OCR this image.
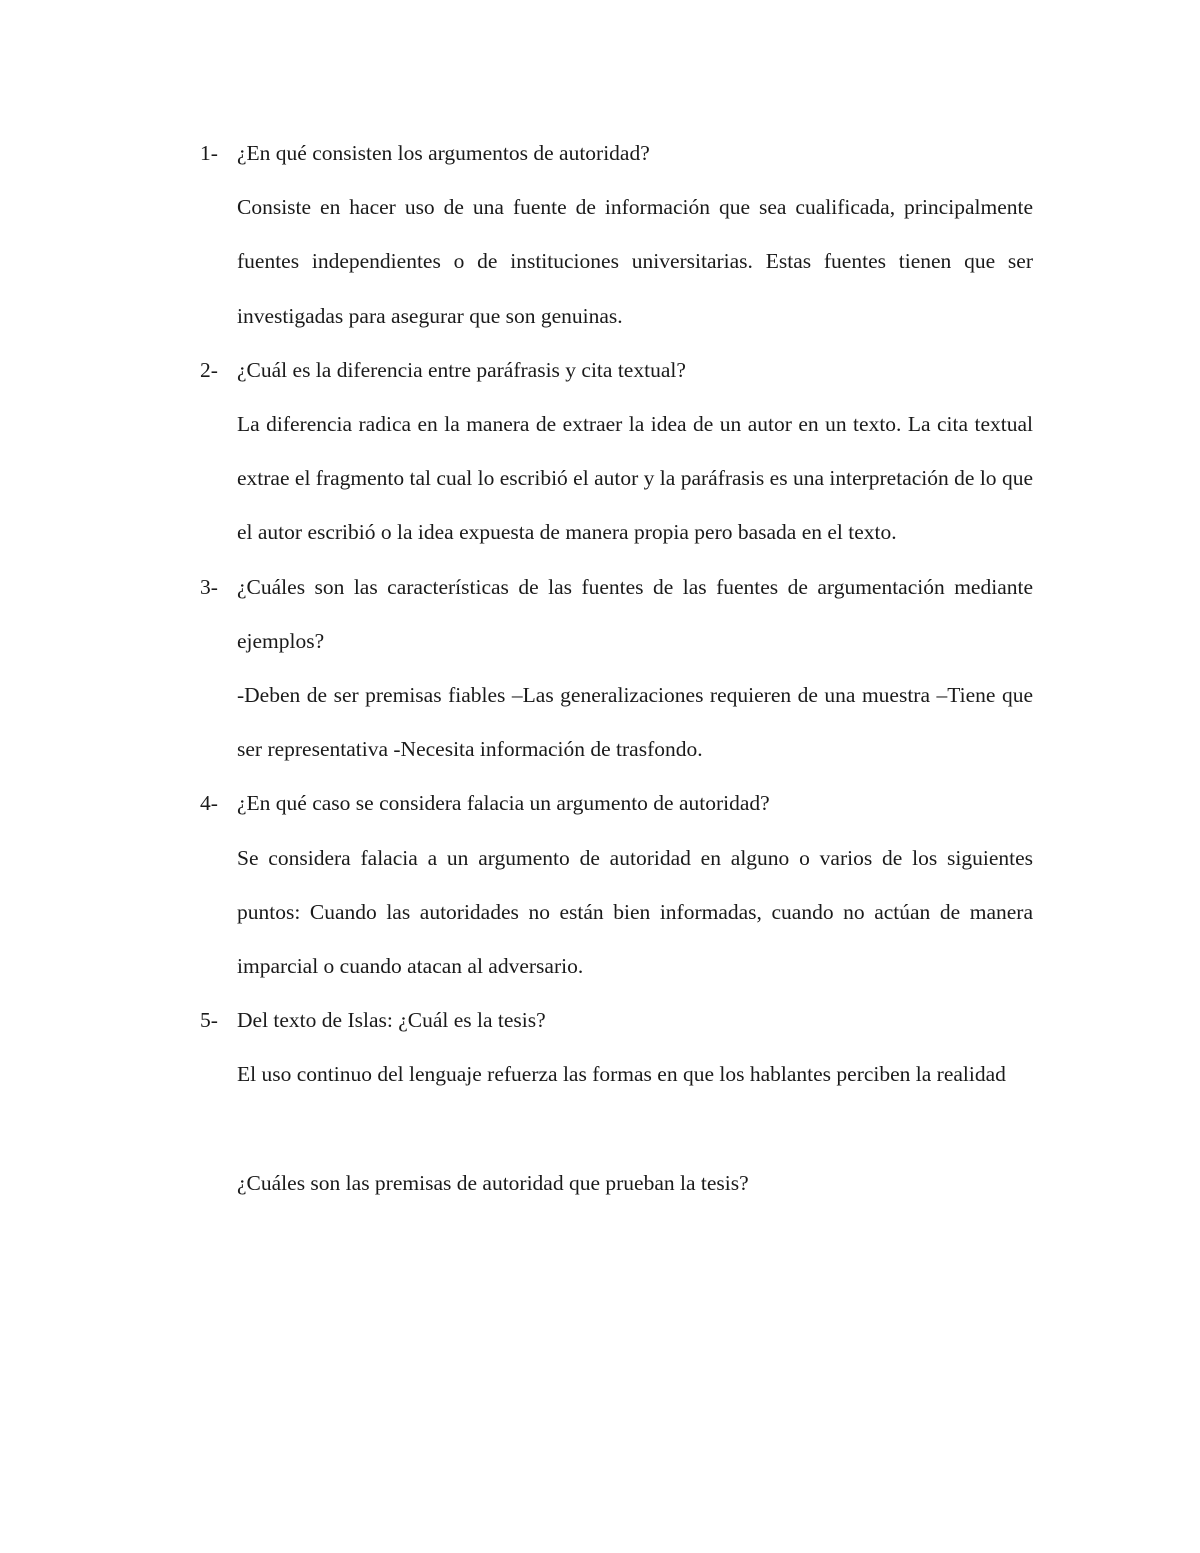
1- ¿En qué consisten los argumentos de autoridad?

Consiste en hacer uso de una fuente de información que sea cualificada, principalmente fuentes independientes o de instituciones universitarias. Estas fuentes tienen que ser investigadas para asegurar que son genuinas.

2- ¿Cuál es la diferencia entre paráfrasis y cita textual?

La diferencia radica en la manera de extraer la idea de un autor en un texto. La cita textual extrae el fragmento tal cual lo escribió el autor y la paráfrasis es una interpretación de lo que el autor escribió o la idea expuesta de manera propia pero basada en el texto.

3- ¿Cuáles son las características de las fuentes de las fuentes de argumentación mediante ejemplos?

-Deben de ser premisas fiables –Las generalizaciones requieren de una muestra –Tiene que ser representativa -Necesita información de trasfondo.

4- ¿En qué caso se considera falacia un argumento de autoridad?

Se considera falacia a un argumento de autoridad en alguno o varios de los siguientes puntos: Cuando las autoridades no están bien informadas, cuando no actúan de manera imparcial o cuando atacan al adversario.

5- Del texto de Islas: ¿Cuál es la tesis?

El uso continuo del lenguaje refuerza las formas en que los hablantes perciben la realidad

¿Cuáles son las premisas de autoridad que prueban la tesis?
